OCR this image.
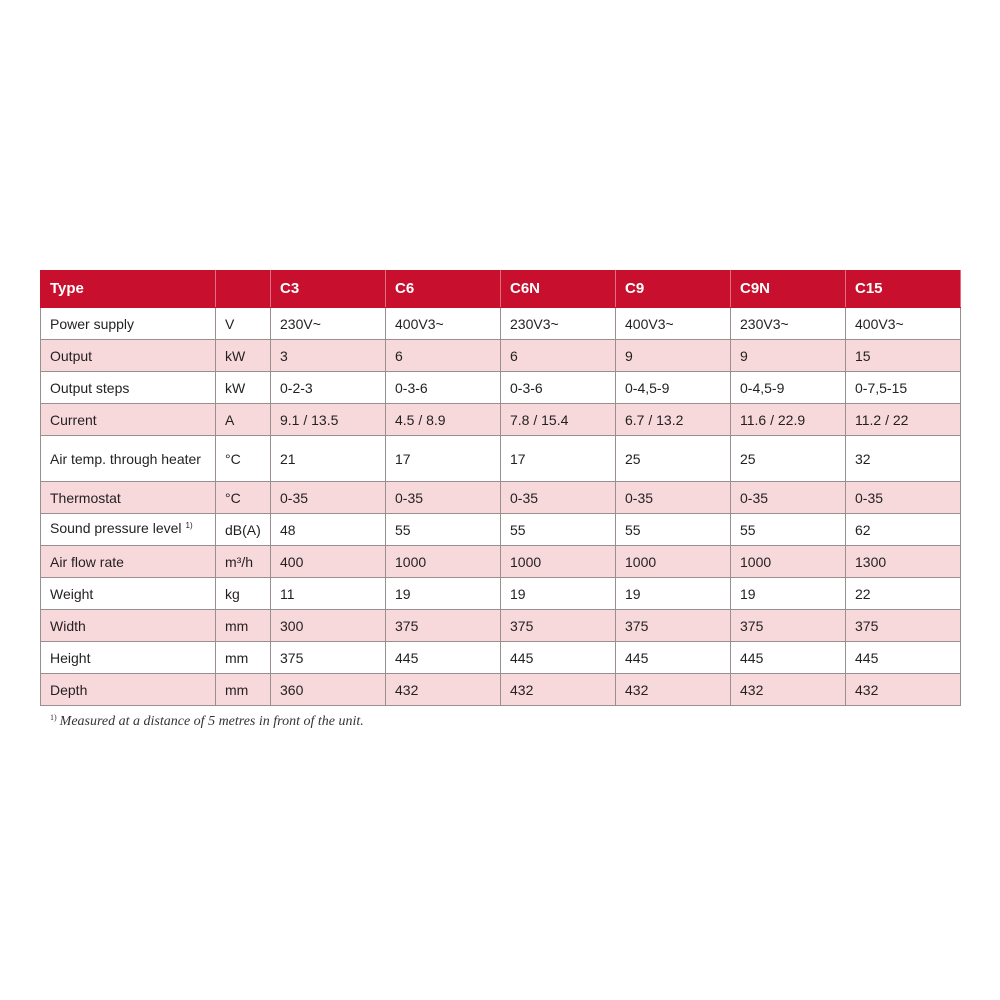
Type		C3	C6	C6N	C9	C9N	C15
Power supply	V	230V~	400V3~	230V3~	400V3~	230V3~	400V3~
Output	kW	3	6	6	9	9	15
Output steps	kW	0-2-3	0-3-6	0-3-6	0-4,5-9	0-4,5-9	0-7,5-15
Current	A	9.1 / 13.5	4.5 / 8.9	7.8 / 15.4	6.7 / 13.2	11.6 / 22.9	11.2 / 22
Air temp. through heater	°C	21	17	17	25	25	32
Thermostat	°C	0-35	0-35	0-35	0-35	0-35	0-35
Sound pressure level $^{1)}$	dB(A)	48	55	55	55	55	62
Air flow rate	m³/h	400	1000	1000	1000	1000	1300
Weight	kg	11	19	19	19	19	22
Width	mm	300	375	375	375	375	375
Height	mm	375	445	445	445	445	445
Depth	mm	360	432	432	432	432	432
$^{1)}$ Measured at a distance of 5 metres in front of the unit.
